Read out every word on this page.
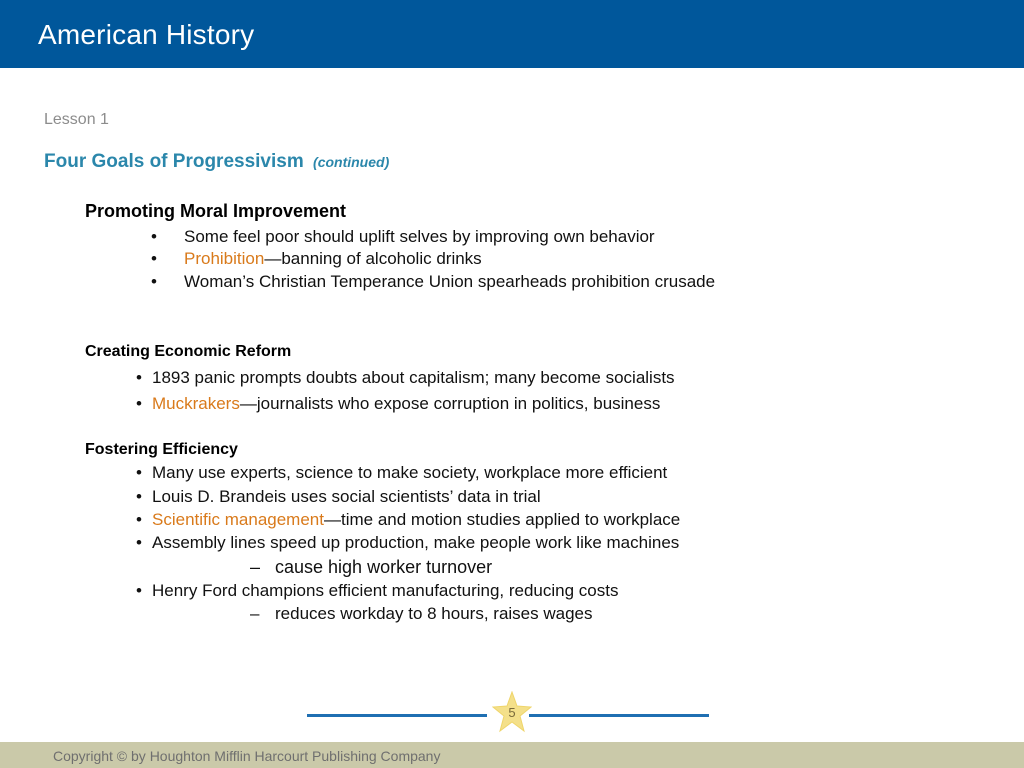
American History
Lesson 1
Four Goals of Progressivism (continued)
Promoting Moral Improvement
• Some feel poor should uplift selves by improving own behavior
• Prohibition—banning of alcoholic drinks
• Woman’s Christian Temperance Union spearheads prohibition crusade
Creating Economic Reform
• 1893 panic prompts doubts about capitalism; many become socialists
• Muckrakers—journalists who expose corruption in politics, business
Fostering Efficiency
• Many use experts, science to make society, workplace more efficient
• Louis D. Brandeis uses social scientists’ data in trial
• Scientific management—time and motion studies applied to workplace
• Assembly lines speed up production, make people work like machines
– cause high worker turnover
• Henry Ford champions efficient manufacturing, reducing costs
– reduces workday to 8 hours, raises wages
5
Copyright © by Houghton Mifflin Harcourt Publishing Company
